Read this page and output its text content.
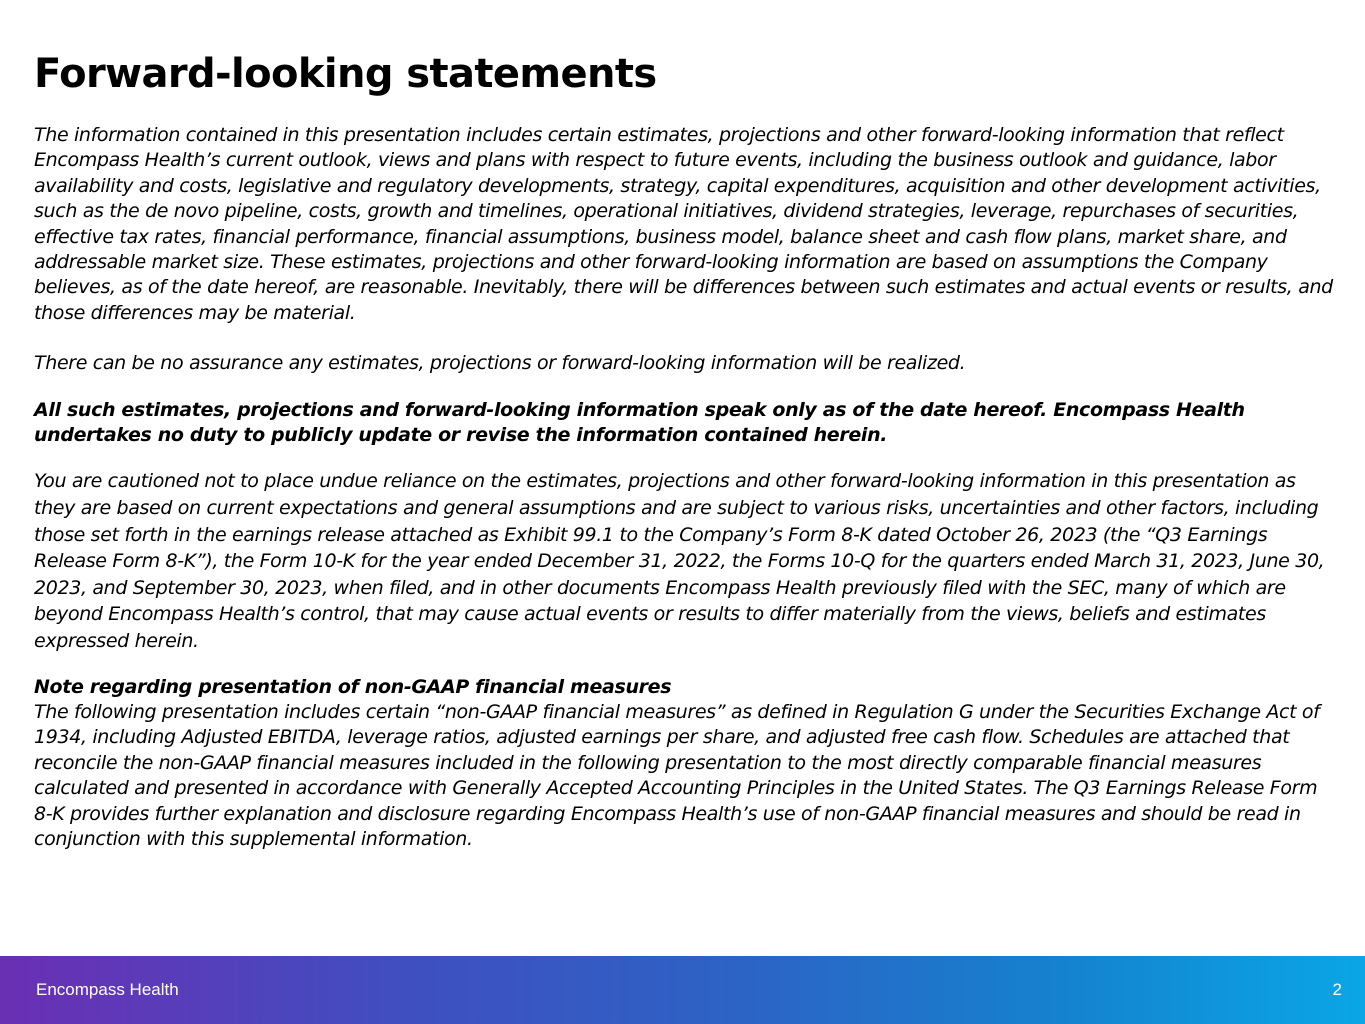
Forward-looking statements

The information contained in this presentation includes certain estimates, projections and other forward-looking information that reflect Encompass Health’s current outlook, views and plans with respect to future events, including the business outlook and guidance, labor availability and costs, legislative and regulatory developments, strategy, capital expenditures, acquisition and other development activities, such as the de novo pipeline, costs, growth and timelines, operational initiatives, dividend strategies, leverage, repurchases of securities, effective tax rates, financial performance, financial assumptions, business model, balance sheet and cash flow plans, market share, and addressable market size. These estimates, projections and other forward-looking information are based on assumptions the Company believes, as of the date hereof, are reasonable. Inevitably, there will be differences between such estimates and actual events or results, and those differences may be material.

There can be no assurance any estimates, projections or forward-looking information will be realized.

All such estimates, projections and forward-looking information speak only as of the date hereof. Encompass Health undertakes no duty to publicly update or revise the information contained herein.

You are cautioned not to place undue reliance on the estimates, projections and other forward-looking information in this presentation as they are based on current expectations and general assumptions and are subject to various risks, uncertainties and other factors, including those set forth in the earnings release attached as Exhibit 99.1 to the Company’s Form 8-K dated October 26, 2023 (the “Q3 Earnings Release Form 8-K”), the Form 10-K for the year ended December 31, 2022, the Forms 10-Q for the quarters ended March 31, 2023, June 30, 2023, and September 30, 2023, when filed, and in other documents Encompass Health previously filed with the SEC, many of which are beyond Encompass Health’s control, that may cause actual events or results to differ materially from the views, beliefs and estimates expressed herein.

Note regarding presentation of non-GAAP financial measures
The following presentation includes certain “non-GAAP financial measures” as defined in Regulation G under the Securities Exchange Act of 1934, including Adjusted EBITDA, leverage ratios, adjusted earnings per share, and adjusted free cash flow. Schedules are attached that reconcile the non-GAAP financial measures included in the following presentation to the most directly comparable financial measures calculated and presented in accordance with Generally Accepted Accounting Principles in the United States. The Q3 Earnings Release Form 8-K provides further explanation and disclosure regarding Encompass Health’s use of non-GAAP financial measures and should be read in conjunction with this supplemental information.

Encompass Health	2
